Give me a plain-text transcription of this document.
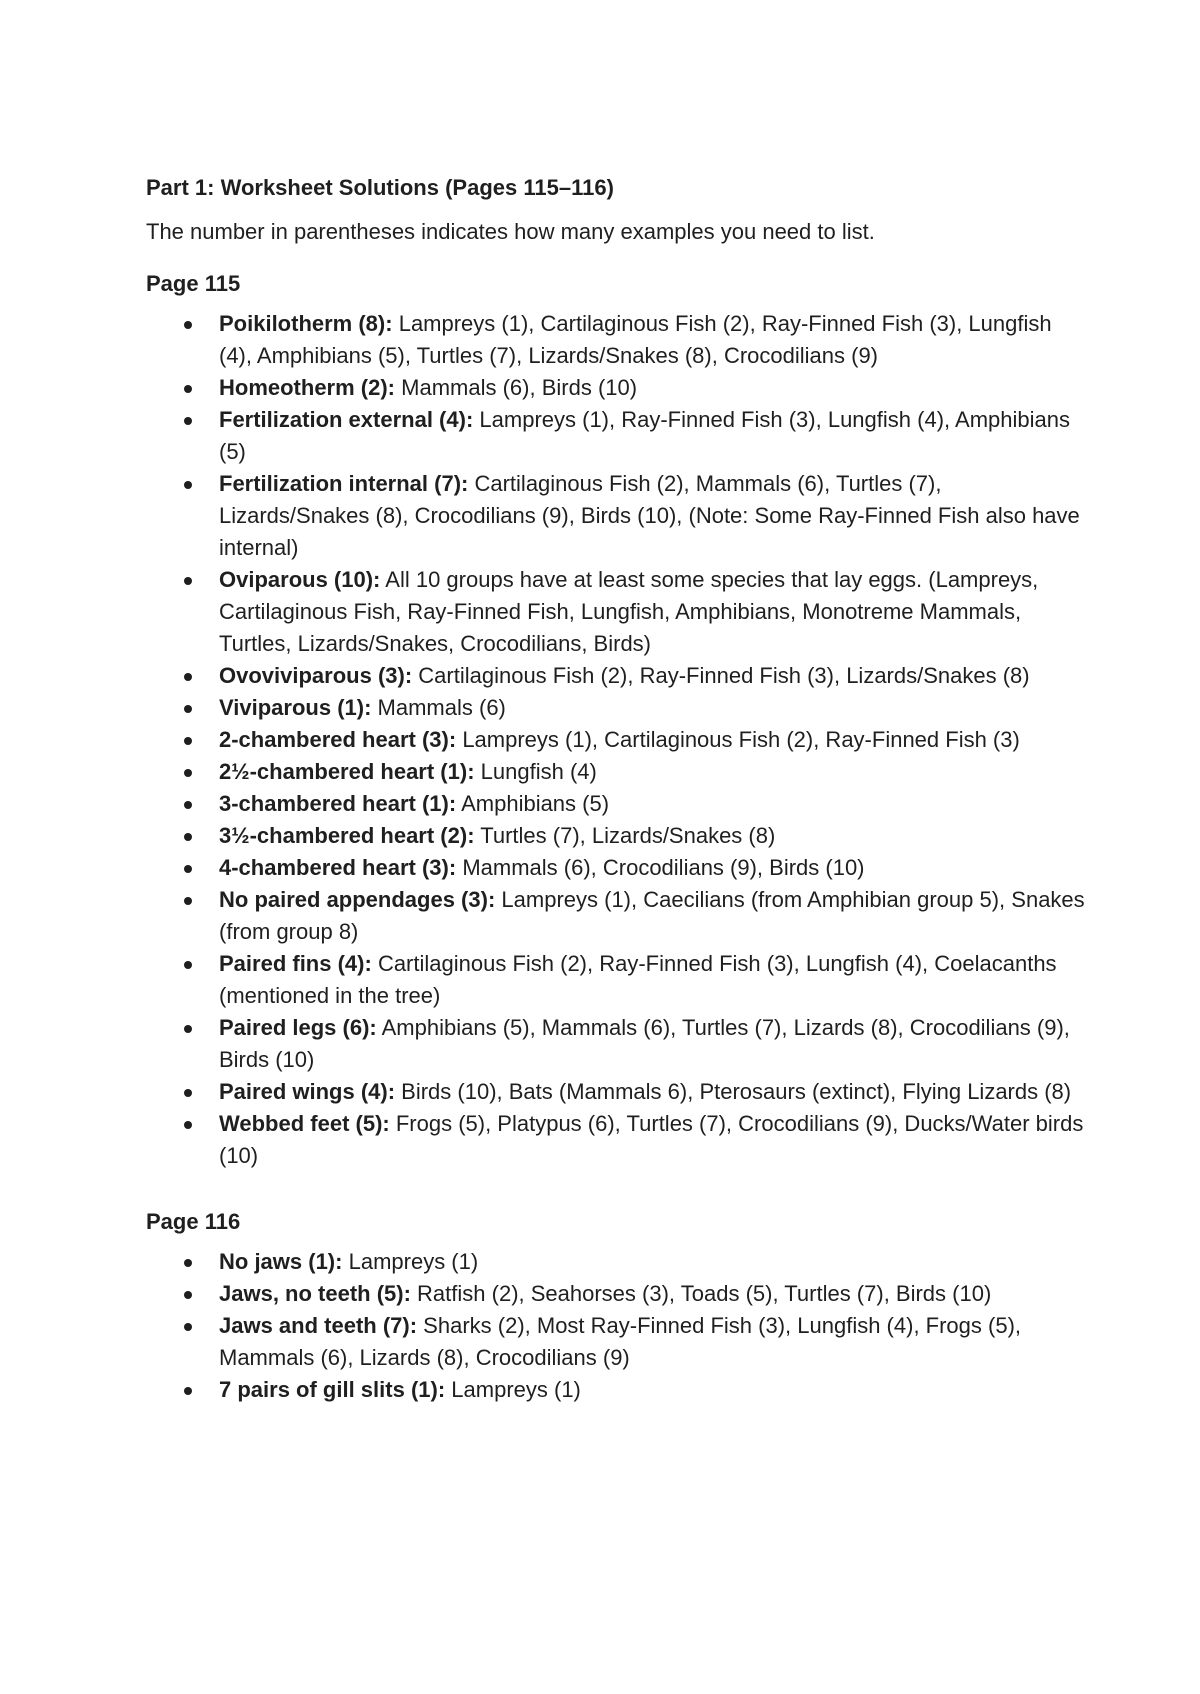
Part 1: Worksheet Solutions (Pages 115–116)
The number in parentheses indicates how many examples you need to list.
Page 115
Poikilotherm (8): Lampreys (1), Cartilaginous Fish (2), Ray-Finned Fish (3), Lungfish (4), Amphibians (5), Turtles (7), Lizards/Snakes (8), Crocodilians (9)
Homeotherm (2): Mammals (6), Birds (10)
Fertilization external (4): Lampreys (1), Ray-Finned Fish (3), Lungfish (4), Amphibians (5)
Fertilization internal (7): Cartilaginous Fish (2), Mammals (6), Turtles (7), Lizards/Snakes (8), Crocodilians (9), Birds (10), (Note: Some Ray-Finned Fish also have internal)
Oviparous (10): All 10 groups have at least some species that lay eggs. (Lampreys, Cartilaginous Fish, Ray-Finned Fish, Lungfish, Amphibians, Monotreme Mammals, Turtles, Lizards/Snakes, Crocodilians, Birds)
Ovoviviparous (3): Cartilaginous Fish (2), Ray-Finned Fish (3), Lizards/Snakes (8)
Viviparous (1): Mammals (6)
2-chambered heart (3): Lampreys (1), Cartilaginous Fish (2), Ray-Finned Fish (3)
2½-chambered heart (1): Lungfish (4)
3-chambered heart (1): Amphibians (5)
3½-chambered heart (2): Turtles (7), Lizards/Snakes (8)
4-chambered heart (3): Mammals (6), Crocodilians (9), Birds (10)
No paired appendages (3): Lampreys (1), Caecilians (from Amphibian group 5), Snakes (from group 8)
Paired fins (4): Cartilaginous Fish (2), Ray-Finned Fish (3), Lungfish (4), Coelacanths (mentioned in the tree)
Paired legs (6): Amphibians (5), Mammals (6), Turtles (7), Lizards (8), Crocodilians (9), Birds (10)
Paired wings (4): Birds (10), Bats (Mammals 6), Pterosaurs (extinct), Flying Lizards (8)
Webbed feet (5): Frogs (5), Platypus (6), Turtles (7), Crocodilians (9), Ducks/Water birds (10)
Page 116
No jaws (1): Lampreys (1)
Jaws, no teeth (5): Ratfish (2), Seahorses (3), Toads (5), Turtles (7), Birds (10)
Jaws and teeth (7): Sharks (2), Most Ray-Finned Fish (3), Lungfish (4), Frogs (5), Mammals (6), Lizards (8), Crocodilians (9)
7 pairs of gill slits (1): Lampreys (1)
